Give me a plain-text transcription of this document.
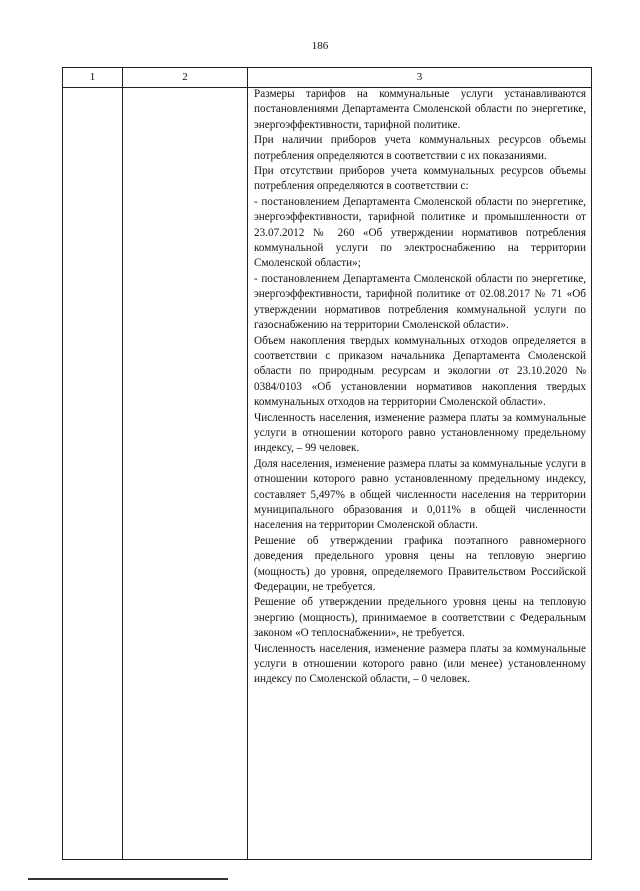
186
1	2	3

Размеры тарифов на коммунальные услуги устанавливаются постановлениями Департамента Смоленской области по энергетике, энергоэффективности, тарифной политике.

При наличии приборов учета коммунальных ресурсов объемы потребления определяются в соответствии с их показаниями.

При отсутствии приборов учета коммунальных ресурсов объемы потребления определяются в соответствии с:

- постановлением Департамента Смоленской области по энергетике, энергоэффективности, тарифной политике и промышленности от 23.07.2012 № 260 «Об утверждении нормативов потребления коммунальной услуги по электроснабжению на территории Смоленской области»;

- постановлением Департамента Смоленской области по энергетике, энергоэффективности, тарифной политике от 02.08.2017 № 71 «Об утверждении нормативов потребления коммунальной услуги по газоснабжению на территории Смоленской области».

Объем накопления твердых коммунальных отходов определяется в соответствии с приказом начальника Департамента Смоленской области по природным ресурсам и экологии от 23.10.2020 № 0384/0103 «Об установлении нормативов накопления твердых коммунальных отходов на территории Смоленской области».

Численность населения, изменение размера платы за коммунальные услуги в отношении которого равно установленному предельному индексу, – 99 человек.

Доля населения, изменение размера платы за коммунальные услуги в отношении которого равно установленному предельному индексу, составляет 5,497% в общей численности населения на территории муниципального образования и 0,011% в общей численности населения на территории Смоленской области.

Решение об утверждении графика поэтапного равномерного доведения предельного уровня цены на тепловую энергию (мощность) до уровня, определяемого Правительством Российской Федерации, не требуется.

Решение об утверждении предельного уровня цены на тепловую энергию (мощность), принимаемое в соответствии с Федеральным законом «О теплоснабжении», не требуется.

Численность населения, изменение размера платы за коммунальные услуги в отношении которого равно (или менее) установленному индексу по Смоленской области, – 0 человек.
